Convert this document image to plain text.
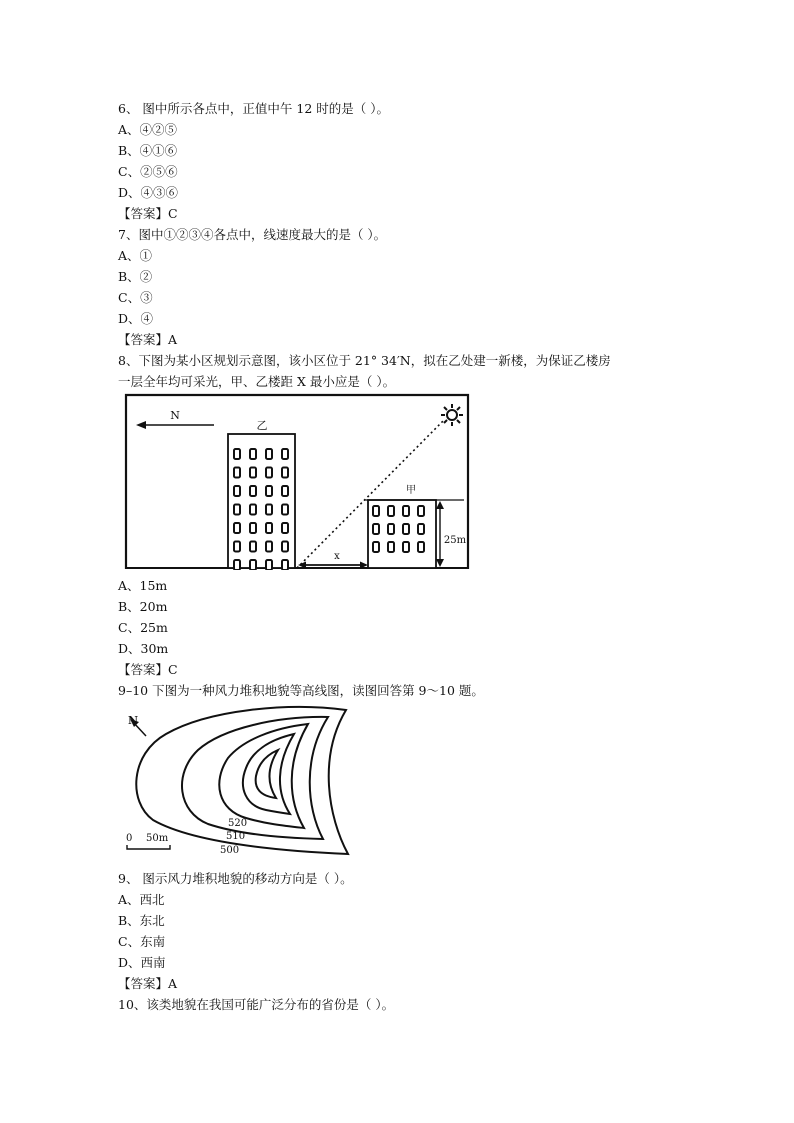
6、 图中所示各点中，正值中午 12 时的是（ ）。
A、④②⑤
B、④①⑥
C、②⑤⑥
D、④③⑥
【答案】C
7、图中①②③④各点中，线速度最大的是（ ）。
A、①
B、②
C、③
D、④
【答案】A
8、下图为某小区规划示意图，该小区位于 21° 34′N，拟在乙处建一新楼，为保证乙楼房
一层全年均可采光，甲、乙楼距 X 最小应是（ ）。
N
乙
甲
25m
x
A、15m
B、20m
C、25m
D、30m
【答案】C
9–10 下图为一种风力堆积地貌等高线图，读图回答第 9～10 题。
N
520
510
500
0 50m
9、 图示风力堆积地貌的移动方向是（ ）。
A、西北
B、东北
C、东南
D、西南
【答案】A
10、该类地貌在我国可能广泛分布的省份是（ ）。
